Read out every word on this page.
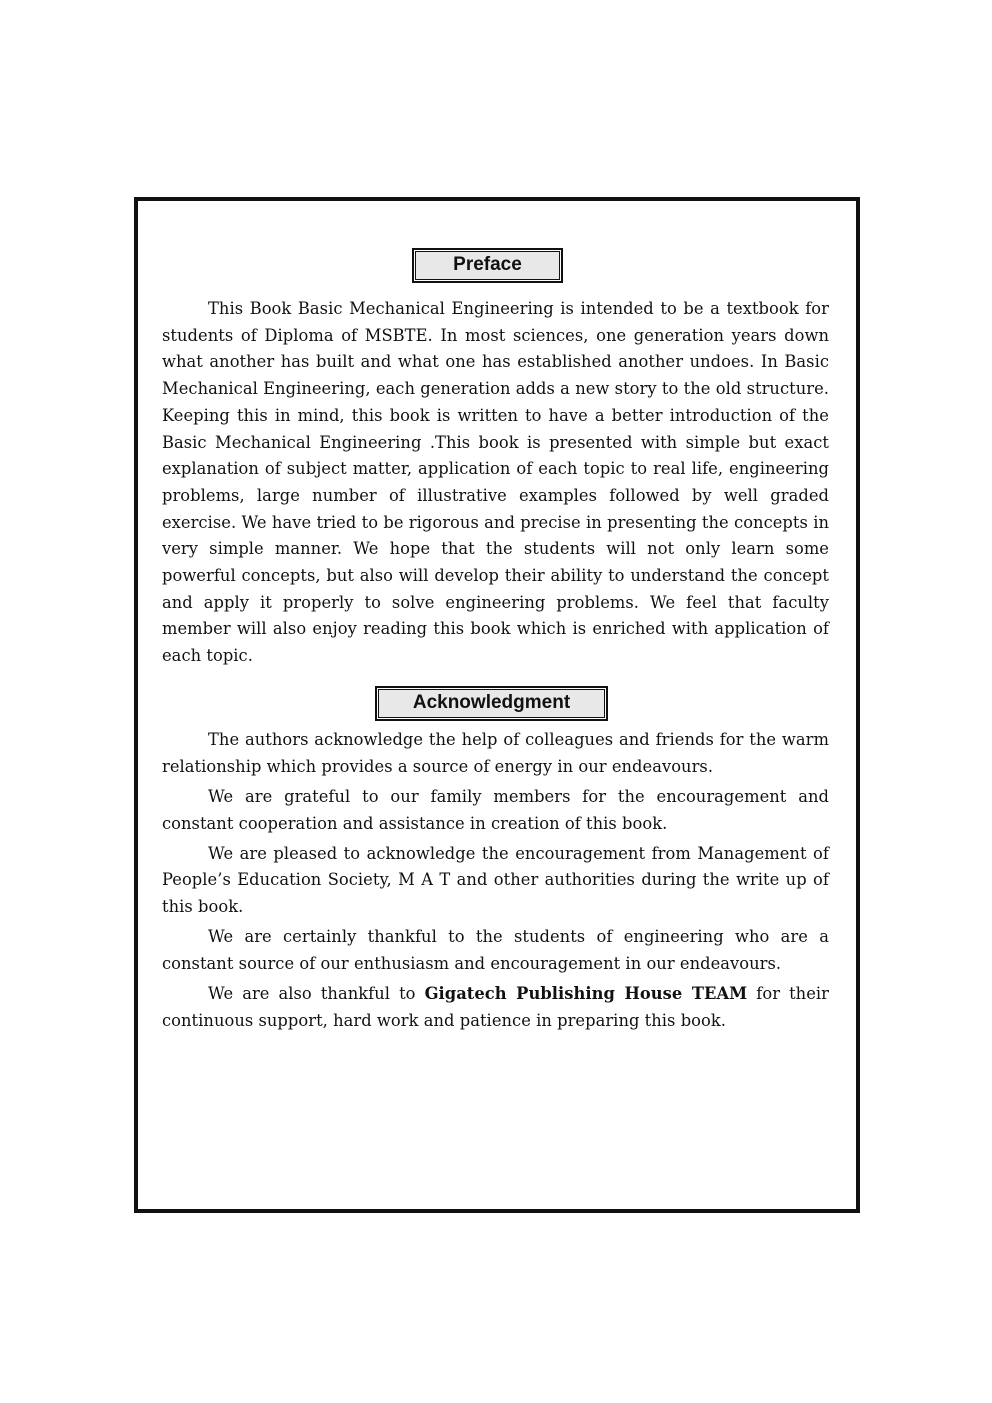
Preface

This Book Basic Mechanical Engineering is intended to be a textbook for students of Diploma of MSBTE. In most sciences, one generation years down what another has built and what one has established another undoes. In Basic Mechanical Engineering, each generation adds a new story to the old structure. Keeping this in mind, this book is written to have a better introduction of the Basic Mechanical Engineering .This book is presented with simple but exact explanation of subject matter, application of each topic to real life, engineering problems, large number of illustrative examples followed by well graded exercise. We have tried to be rigorous and precise in presenting the concepts in very simple manner. We hope that the students will not only learn some powerful concepts, but also will develop their ability to understand the concept and apply it properly to solve engineering problems. We feel that faculty member will also enjoy reading this book which is enriched with application of each topic.

Acknowledgment

The authors acknowledge the help of colleagues and friends for the warm relationship which provides a source of energy in our endeavours.

We are grateful to our family members for the encouragement and constant cooperation and assistance in creation of this book.

We are pleased to acknowledge the encouragement from Management of People’s Education Society, M A T and other authorities during the write up of this book.

We are certainly thankful to the students of engineering who are a constant source of our enthusiasm and encouragement in our endeavours.

We are also thankful to Gigatech Publishing House TEAM for their continuous support, hard work and patience in preparing this book.
